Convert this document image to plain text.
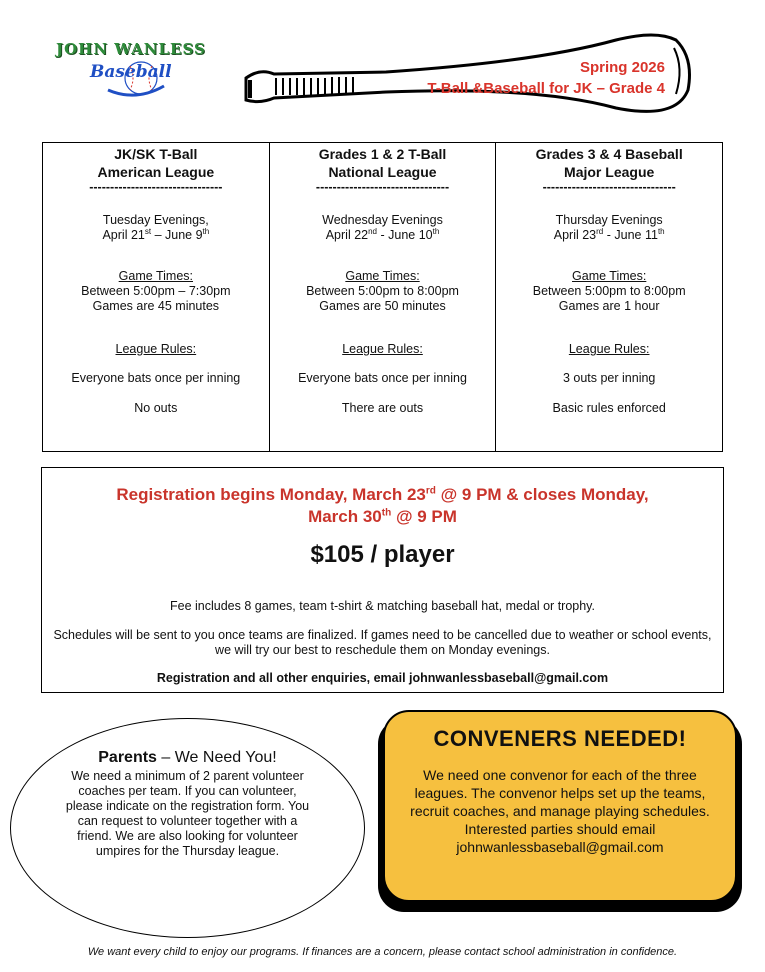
JOHN WANLESS
Baseball	Spring 2026
T-Ball &Baseball for JK – Grade 4
JK/SK T-Ball
American League
--------------------------------
Tuesday Evenings,
April 21st – June 9th
Game Times:
Between 5:00pm – 7:30pm
Games are 45 minutes
League Rules:
Everyone bats once per inning
No outs
Grades 1 & 2 T-Ball
National League
--------------------------------
Wednesday Evenings
April 22nd - June 10th
Game Times:
Between 5:00pm to 8:00pm
Games are 50 minutes
League Rules:
Everyone bats once per inning
There are outs
Grades 3 & 4 Baseball
Major League
--------------------------------
Thursday Evenings
April 23rd - June 11th
Game Times:
Between 5:00pm to 8:00pm
Games are 1 hour
League Rules:
3 outs per inning
Basic rules enforced
Registration begins Monday, March 23rd @ 9 PM & closes Monday,
March 30th @ 9 PM
$105 / player
Fee includes 8 games, team t-shirt & matching baseball hat, medal or trophy.
Schedules will be sent to you once teams are finalized. If games need to be cancelled due to weather or school events, we will try our best to reschedule them on Monday evenings.
Registration and all other enquiries, email johnwanlessbaseball@gmail.com
Parents – We Need You!
We need a minimum of 2 parent volunteer coaches per team. If you can volunteer, please indicate on the registration form. You can request to volunteer together with a friend. We are also looking for volunteer umpires for the Thursday league.
CONVENERS NEEDED!
We need one convenor for each of the three leagues. The convenor helps set up the teams, recruit coaches, and manage playing schedules.
Interested parties should email
johnwanlessbaseball@gmail.com
We want every child to enjoy our programs. If finances are a concern, please contact school administration in confidence.
